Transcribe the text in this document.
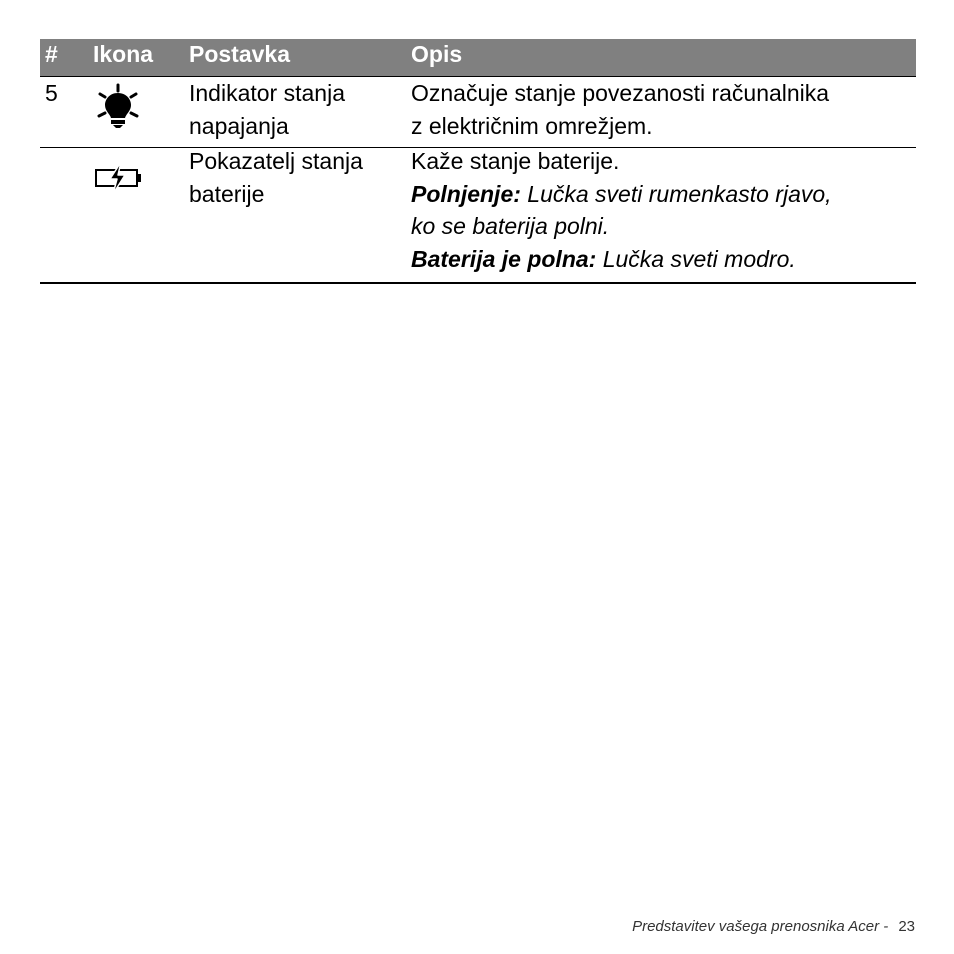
# Ikona Postavka	Opis
5	Indikator stanja
napajanja
Označuje stanje povezanosti računalnika
z električnim omrežjem.
Pokazatelj stanja
baterije
Kaže stanje baterije.
Polnjenje: Lučka sveti rumenkasto rjavo,
ko se baterija polni.
Baterija je polna: Lučka sveti modro.
Predstavitev vašega prenosnika Acer - 23
